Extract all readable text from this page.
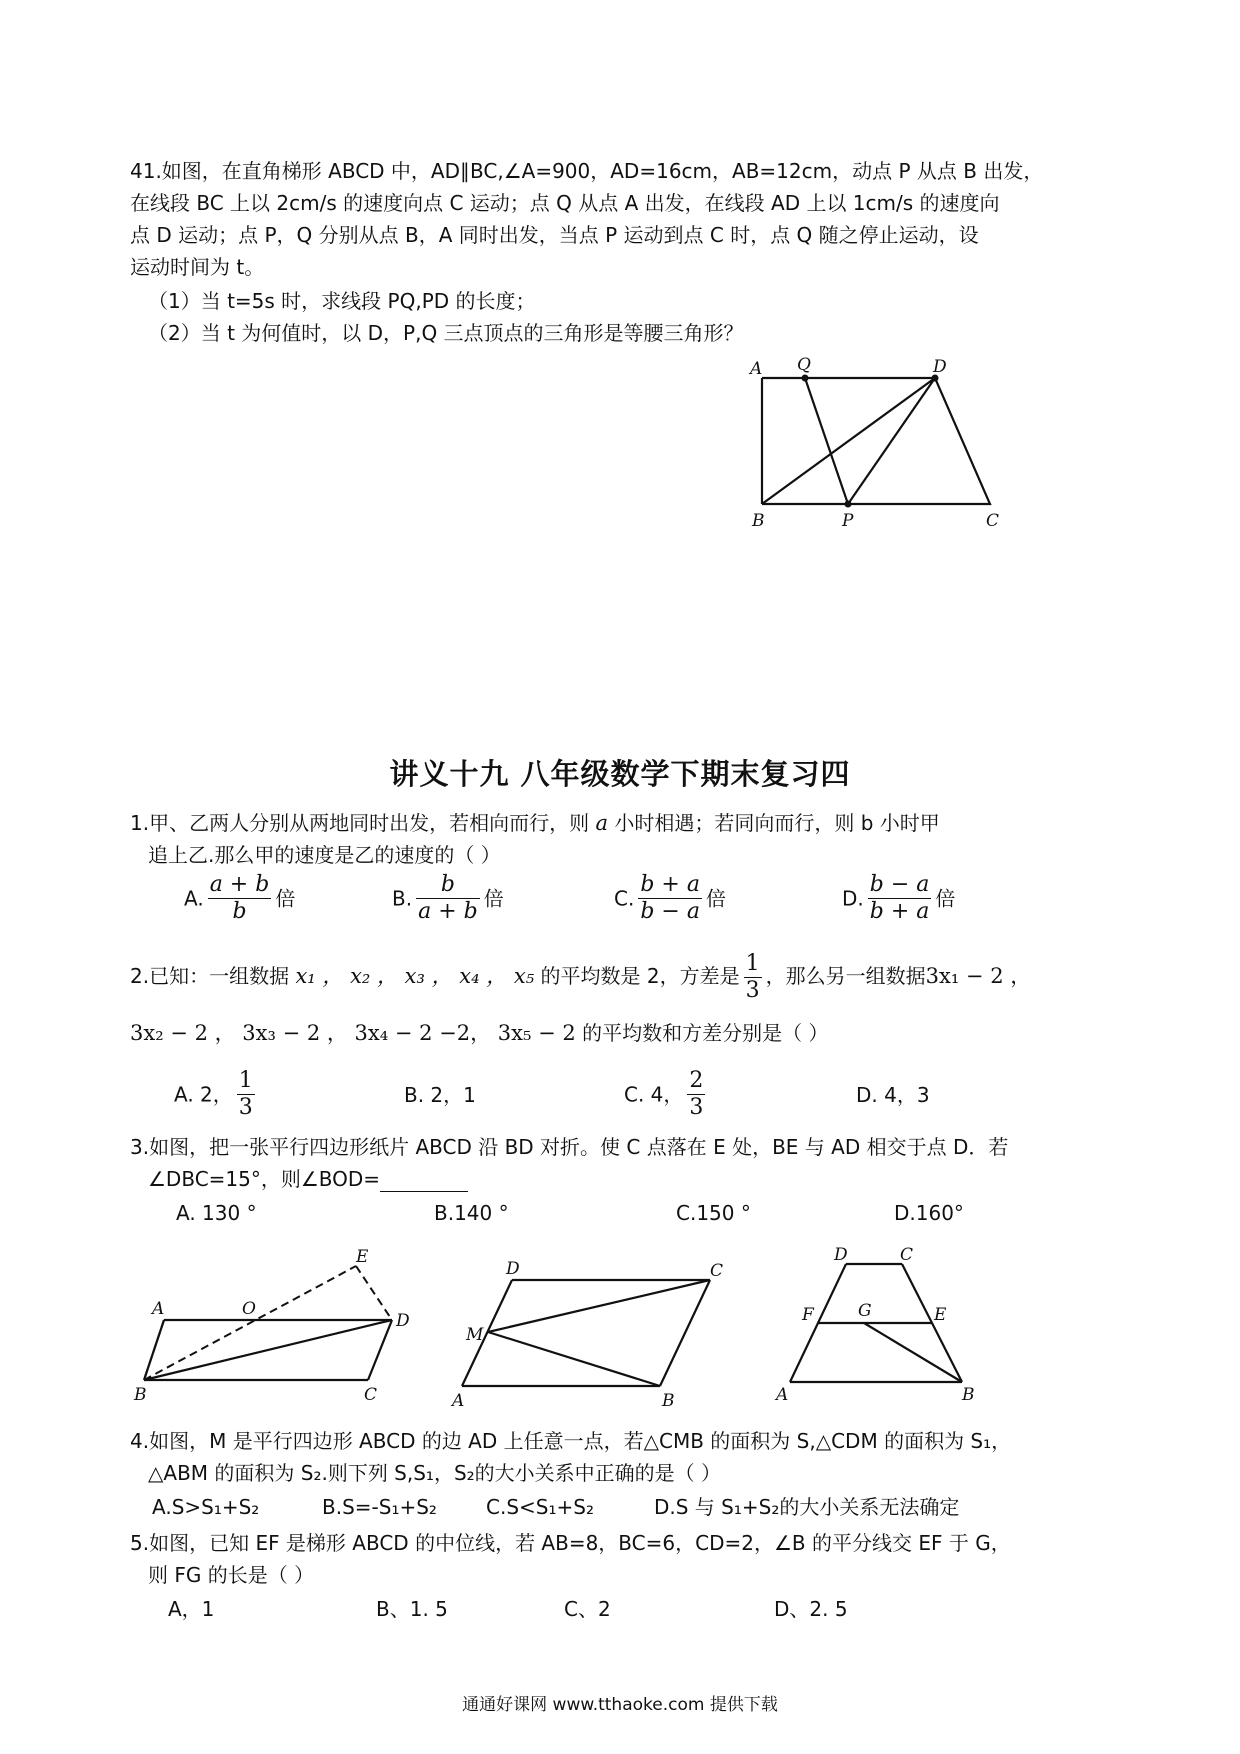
41.如图，在直角梯形 ABCD 中，AD∥BC,∠A=900，AD=16cm，AB=12cm，动点 P 从点 B 出发，
在线段 BC 上以 2cm/s 的速度向点 C 运动；点 Q 从点 A 出发，在线段 AD 上以 1cm/s 的速度向
点 D 运动；点 P，Q 分别从点 B，A 同时出发，当点 P 运动到点 C 时，点 Q 随之停止运动，设
运动时间为 t。
（1）当 t=5s 时，求线段 PQ,PD 的长度；
（2）当 t 为何值时，以 D，P,Q 三点顶点的三角形是等腰三角形？
A Q	D
B	P	C
讲义十九 八年级数学下期末复习四
1.甲、乙两人分别从两地同时出发，若相向而行，则 a 小时相遇；若同向而行，则 b 小时甲
追上乙.那么甲的速度是乙的速度的（ ）
A. $\frac{a + b}{b}$ 倍	B. $\frac{b}{a + b}$ 倍	C. $\frac{b + a}{b - a}$ 倍	D. $\frac{b - a}{b + a}$ 倍
2.已知：一组数据 x₁ ， x₂ ， x₃ ， x₄ ， x₅ 的平均数是 2，方差是 $\frac{1}{3}$ ，那么另一组数据3x₁ − 2 ，
3x₂ − 2 ， 3x₃ − 2 ， 3x₄ − 2 −2， 3x₅ − 2 的平均数和方差分别是（ ）
A. 2， $\frac{1}{3}$	B. 2，1	C. 4， $\frac{2}{3}$	D. 4，3
3.如图，把一张平行四边形纸片 ABCD 沿 BD 对折。使 C 点落在 E 处，BE 与 AD 相交于点 D．若
∠DBC=15°，则∠BOD=
A. 130 °	B.140 °	C.150 °	D.160°
E
A	O
D
B	C
D	C
M
A	B
D	C
F	G	E
A	B
4.如图，M 是平行四边形 ABCD 的边 AD 上任意一点，若△CMB 的面积为 S,△CDM 的面积为 S₁，
△ABM 的面积为 S₂.则下列 S,S₁，S₂的大小关系中正确的是（ ）
A.S>S₁+S₂	B.S=-S₁+S₂ C.S<S₁+S₂	D.S 与 S₁+S₂的大小关系无法确定
5.如图，已知 EF 是梯形 ABCD 的中位线，若 AB=8，BC=6，CD=2，∠B 的平分线交 EF 于 G，
则 FG 的长是（ ）
A，1	B、1. 5	C、2	D、2. 5
通通好课网 www.tthaoke.com 提供下载
